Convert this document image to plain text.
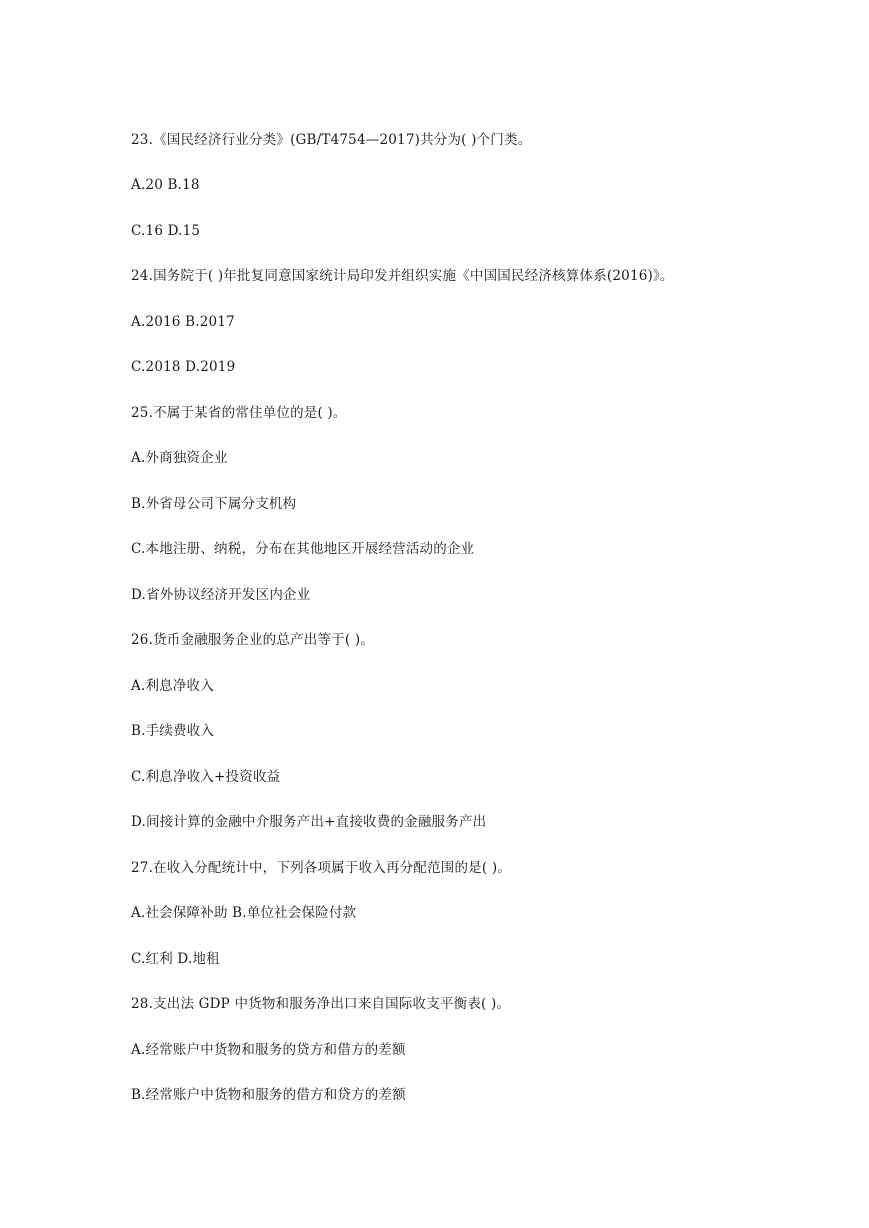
23.《国民经济行业分类》(GB/T4754—2017)共分为( )个门类。
A.20 B.18
C.16 D.15
24.国务院于( )年批复同意国家统计局印发并组织实施《中国国民经济核算体系(2016)》。
A.2016 B.2017
C.2018 D.2019
25.不属于某省的常住单位的是( )。
A.外商独资企业
B.外省母公司下属分支机构
C.本地注册、纳税，分布在其他地区开展经营活动的企业
D.省外协议经济开发区内企业
26.货币金融服务企业的总产出等于( )。
A.利息净收入
B.手续费收入
C.利息净收入+投资收益
D.间接计算的金融中介服务产出+直接收费的金融服务产出
27.在收入分配统计中，下列各项属于收入再分配范围的是( )。
A.社会保障补助 B.单位社会保险付款
C.红利 D.地租
28.支出法 GDP 中货物和服务净出口来自国际收支平衡表( )。
A.经常账户中货物和服务的贷方和借方的差额
B.经常账户中货物和服务的借方和贷方的差额
